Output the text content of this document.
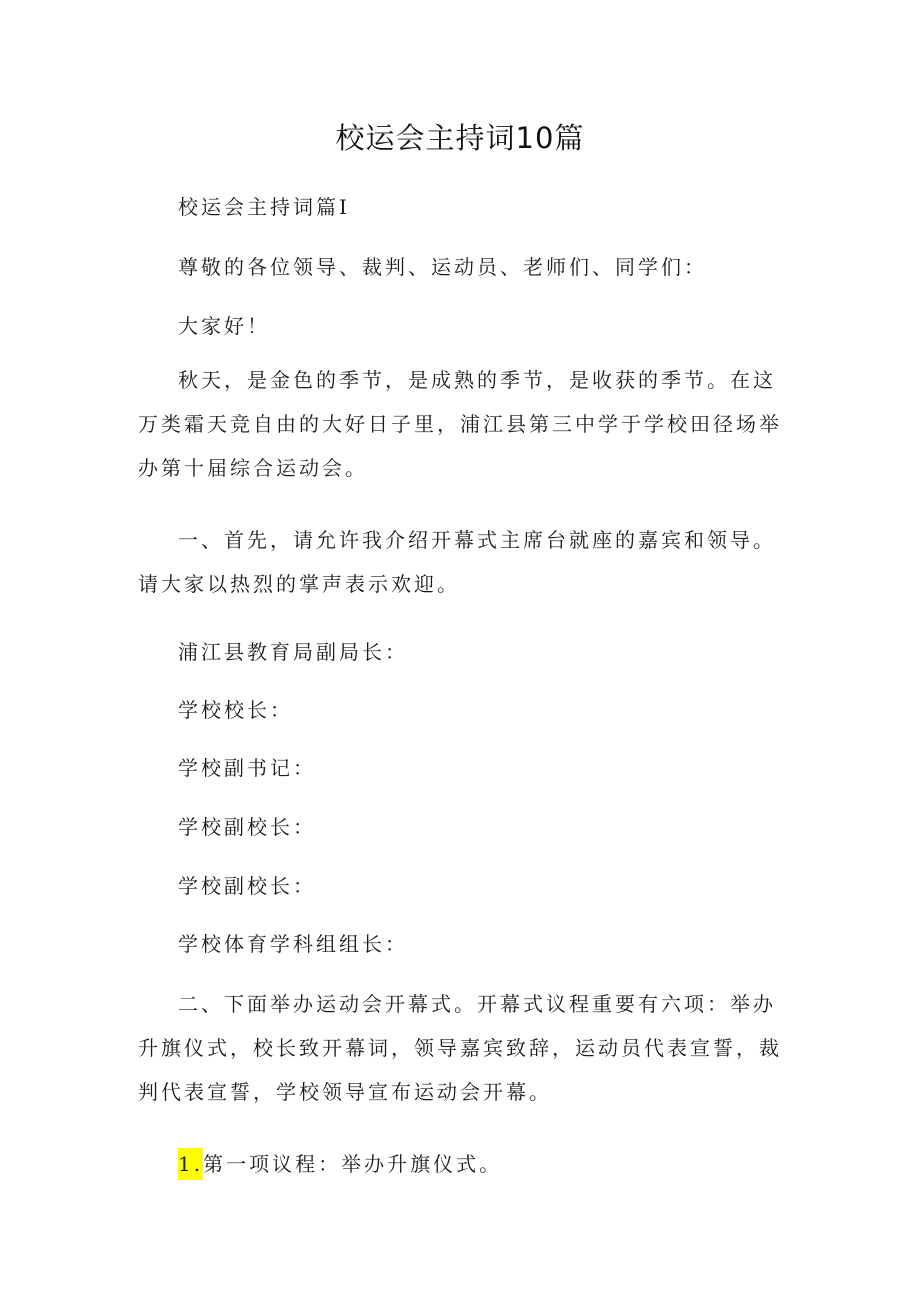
校运会主持词10篇

校运会主持词篇I

尊敬的各位领导、裁判、运动员、老师们、同学们：

大家好！

秋天，是金色的季节，是成熟的季节，是收获的季节。在这万类霜天竞自由的大好日子里，浦江县第三中学于学校田径场举办第十届综合运动会。

一、首先，请允许我介绍开幕式主席台就座的嘉宾和领导。请大家以热烈的掌声表示欢迎。

浦江县教育局副局长：

学校校长：

学校副书记：

学校副校长：

学校副校长：

学校体育学科组组长：

二、下面举办运动会开幕式。开幕式议程重要有六项：举办升旗仪式，校长致开幕词，领导嘉宾致辞，运动员代表宣誓，裁判代表宣誓，学校领导宣布运动会开幕。

1.第一项议程：举办升旗仪式。
